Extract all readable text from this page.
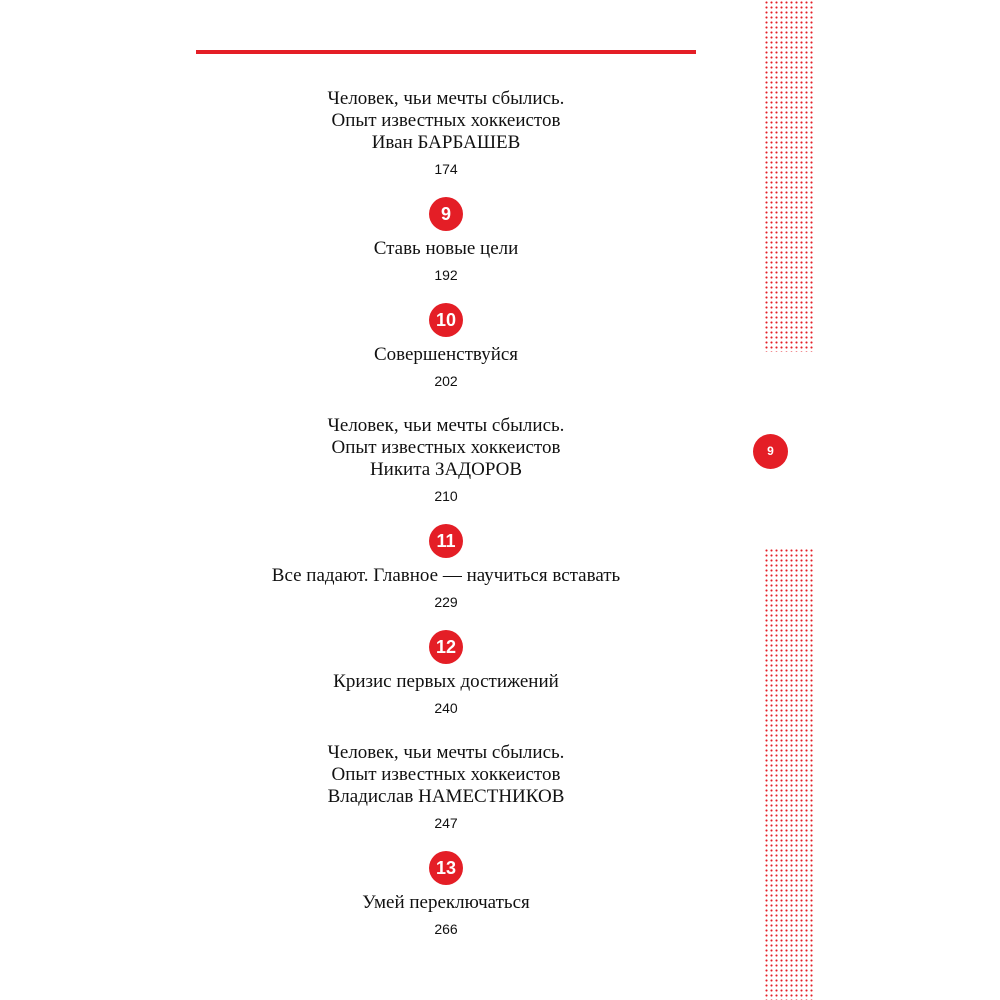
Человек, чьи мечты сбылись.
Опыт известных хоккеистов
Иван БАРБАШЕВ
174
9
Ставь новые цели
192
10
Совершенствуйся
202
Человек, чьи мечты сбылись.
Опыт известных хоккеистов
Никита ЗАДОРОВ
210
11
Все падают. Главное — научиться вставать
229
12
Кризис первых достижений
240
Человек, чьи мечты сбылись.
Опыт известных хоккеистов
Владислав НАМЕСТНИКОВ
247
13
Умей переключаться
266
9
